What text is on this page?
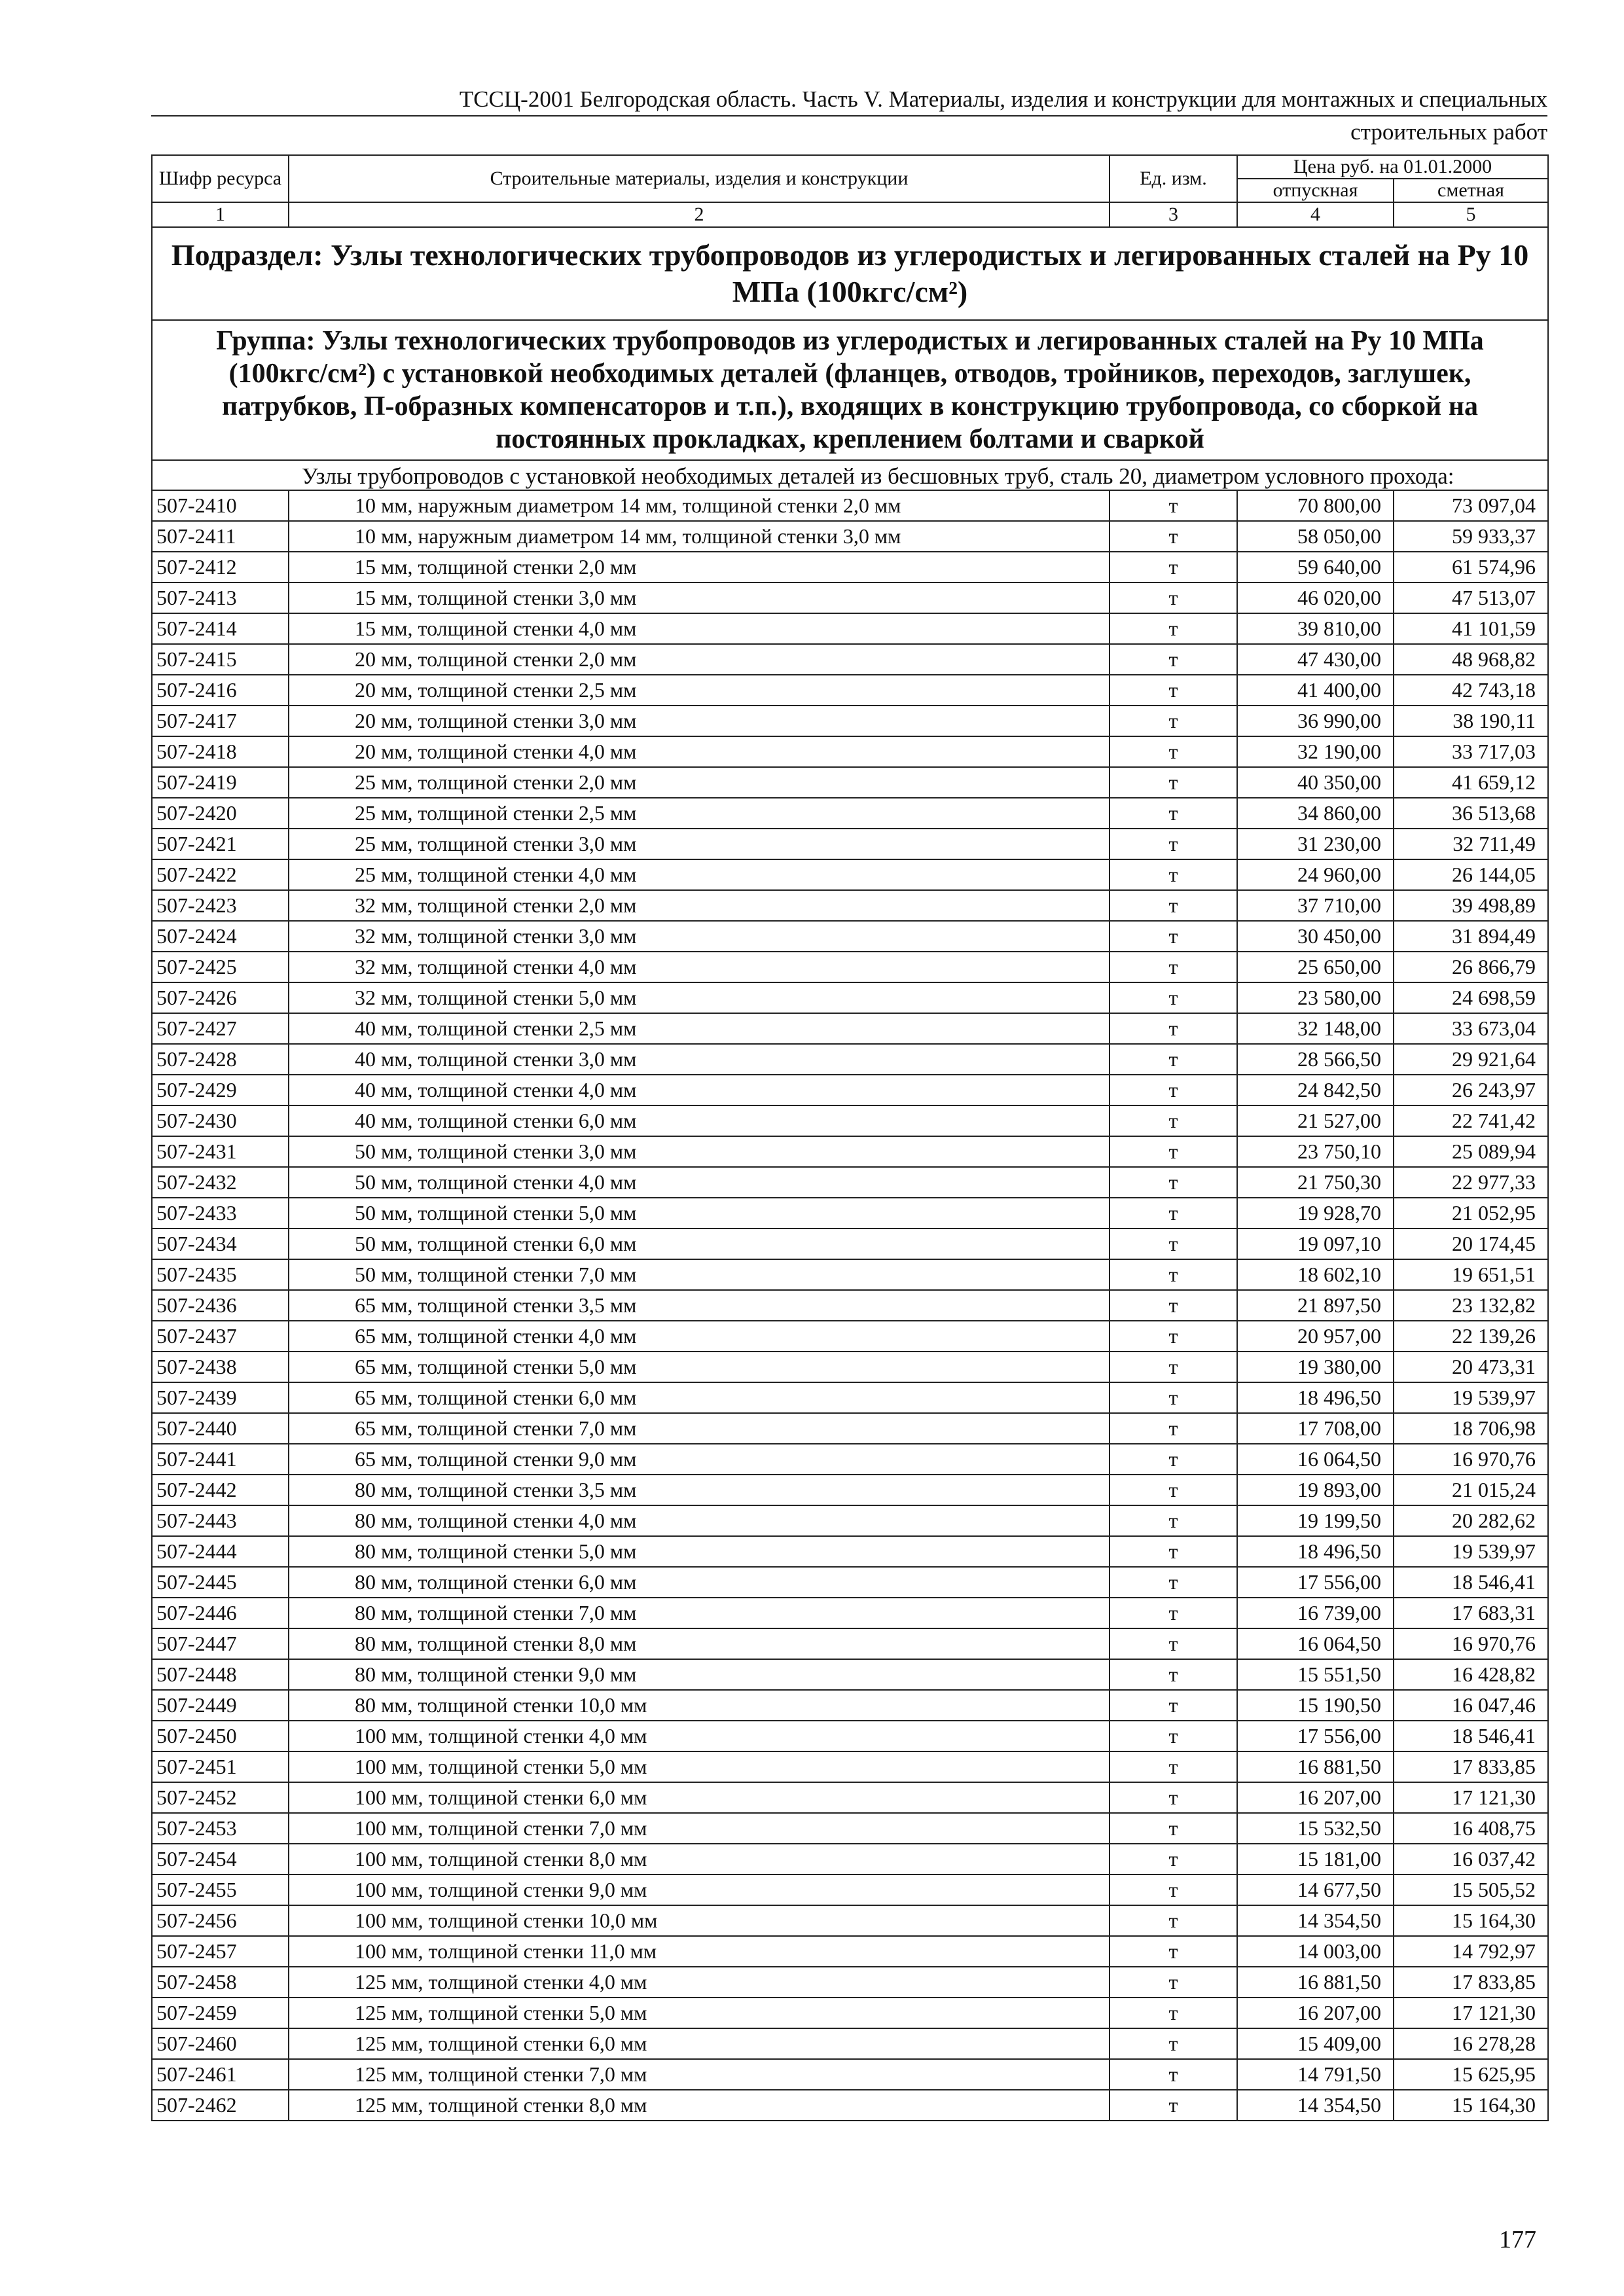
ТССЦ-2001 Белгородская область. Часть V. Материалы, изделия и конструкции для монтажных и специальных
строительных работ
Шифр ресурса	Строительные материалы, изделия и конструкции	Ед. изм.	Цена руб. на 01.01.2000	
			отпускная	сметная
1	2	3	4	5
Подраздел: Узлы технологических трубопроводов из углеродистых и легированных сталей на Ру 10 МПа (100кгс/см²)				
Группа: Узлы технологических трубопроводов из углеродистых и легированных сталей на Ру 10 МПа (100кгс/см²) с установкой необходимых деталей (фланцев, отводов, тройников, переходов, заглушек, патрубков, П-образных компенсаторов и т.п.), входящих в конструкцию трубопровода, со сборкой на постоянных прокладках, креплением болтами и сваркой				

Узлы трубопроводов с установкой необходимых деталей из бесшовных труб, сталь 20, диаметром условного прохода:				

507-2410	10 мм, наружным диаметром 14 мм, толщиной стенки 2,0 мм	т	70 800,00	73 097,04
507-2411	10 мм, наружным диаметром 14 мм, толщиной стенки 3,0 мм	т	58 050,00	59 933,37
507-2412	15 мм, толщиной стенки 2,0 мм	т	59 640,00	61 574,96
507-2413	15 мм, толщиной стенки 3,0 мм	т	46 020,00	47 513,07
507-2414	15 мм, толщиной стенки 4,0 мм	т	39 810,00	41 101,59
507-2415	20 мм, толщиной стенки 2,0 мм	т	47 430,00	48 968,82
507-2416	20 мм, толщиной стенки 2,5 мм	т	41 400,00	42 743,18
507-2417	20 мм, толщиной стенки 3,0 мм	т	36 990,00	38 190,11
507-2418	20 мм, толщиной стенки 4,0 мм	т	32 190,00	33 717,03
507-2419	25 мм, толщиной стенки 2,0 мм	т	40 350,00	41 659,12
507-2420	25 мм, толщиной стенки 2,5 мм	т	34 860,00	36 513,68
507-2421	25 мм, толщиной стенки 3,0 мм	т	31 230,00	32 711,49
507-2422	25 мм, толщиной стенки 4,0 мм	т	24 960,00	26 144,05
507-2423	32 мм, толщиной стенки 2,0 мм	т	37 710,00	39 498,89
507-2424	32 мм, толщиной стенки 3,0 мм	т	30 450,00	31 894,49
507-2425	32 мм, толщиной стенки 4,0 мм	т	25 650,00	26 866,79
507-2426	32 мм, толщиной стенки 5,0 мм	т	23 580,00	24 698,59
507-2427	40 мм, толщиной стенки 2,5 мм	т	32 148,00	33 673,04
507-2428	40 мм, толщиной стенки 3,0 мм	т	28 566,50	29 921,64
507-2429	40 мм, толщиной стенки 4,0 мм	т	24 842,50	26 243,97
507-2430	40 мм, толщиной стенки 6,0 мм	т	21 527,00	22 741,42
507-2431	50 мм, толщиной стенки 3,0 мм	т	23 750,10	25 089,94
507-2432	50 мм, толщиной стенки 4,0 мм	т	21 750,30	22 977,33
507-2433	50 мм, толщиной стенки 5,0 мм	т	19 928,70	21 052,95
507-2434	50 мм, толщиной стенки 6,0 мм	т	19 097,10	20 174,45
507-2435	50 мм, толщиной стенки 7,0 мм	т	18 602,10	19 651,51
507-2436	65 мм, толщиной стенки 3,5 мм	т	21 897,50	23 132,82
507-2437	65 мм, толщиной стенки 4,0 мм	т	20 957,00	22 139,26
507-2438	65 мм, толщиной стенки 5,0 мм	т	19 380,00	20 473,31
507-2439	65 мм, толщиной стенки 6,0 мм	т	18 496,50	19 539,97
507-2440	65 мм, толщиной стенки 7,0 мм	т	17 708,00	18 706,98
507-2441	65 мм, толщиной стенки 9,0 мм	т	16 064,50	16 970,76
507-2442	80 мм, толщиной стенки 3,5 мм	т	19 893,00	21 015,24
507-2443	80 мм, толщиной стенки 4,0 мм	т	19 199,50	20 282,62
507-2444	80 мм, толщиной стенки 5,0 мм	т	18 496,50	19 539,97
507-2445	80 мм, толщиной стенки 6,0 мм	т	17 556,00	18 546,41
507-2446	80 мм, толщиной стенки 7,0 мм	т	16 739,00	17 683,31
507-2447	80 мм, толщиной стенки 8,0 мм	т	16 064,50	16 970,76
507-2448	80 мм, толщиной стенки 9,0 мм	т	15 551,50	16 428,82
507-2449	80 мм, толщиной стенки 10,0 мм	т	15 190,50	16 047,46
507-2450	100 мм, толщиной стенки 4,0 мм	т	17 556,00	18 546,41
507-2451	100 мм, толщиной стенки 5,0 мм	т	16 881,50	17 833,85
507-2452	100 мм, толщиной стенки 6,0 мм	т	16 207,00	17 121,30
507-2453	100 мм, толщиной стенки 7,0 мм	т	15 532,50	16 408,75
507-2454	100 мм, толщиной стенки 8,0 мм	т	15 181,00	16 037,42
507-2455	100 мм, толщиной стенки 9,0 мм	т	14 677,50	15 505,52
507-2456	100 мм, толщиной стенки 10,0 мм	т	14 354,50	15 164,30
507-2457	100 мм, толщиной стенки 11,0 мм	т	14 003,00	14 792,97
507-2458	125 мм, толщиной стенки 4,0 мм	т	16 881,50	17 833,85
507-2459	125 мм, толщиной стенки 5,0 мм	т	16 207,00	17 121,30
507-2460	125 мм, толщиной стенки 6,0 мм	т	15 409,00	16 278,28
507-2461	125 мм, толщиной стенки 7,0 мм	т	14 791,50	15 625,95
507-2462	125 мм, толщиной стенки 8,0 мм	т	14 354,50	15 164,30
177
